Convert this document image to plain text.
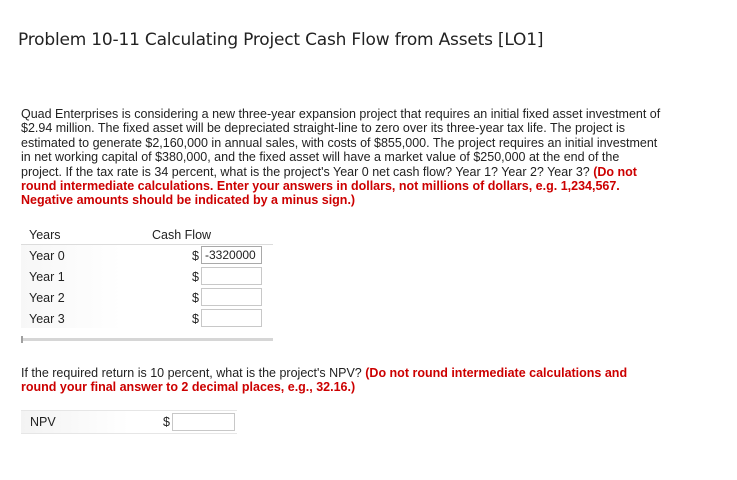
Problem 10-11 Calculating Project Cash Flow from Assets [LO1]
Quad Enterprises is considering a new three-year expansion project that requires an initial fixed asset investment of $2.94 million. The fixed asset will be depreciated straight-line to zero over its three-year tax life. The project is estimated to generate $2,160,000 in annual sales, with costs of $855,000. The project requires an initial investment in net working capital of $380,000, and the fixed asset will have a market value of $250,000 at the end of the project. If the tax rate is 34 percent, what is the project's Year 0 net cash flow? Year 1? Year 2? Year 3? (Do not round intermediate calculations. Enter your answers in dollars, not millions of dollars, e.g. 1,234,567. Negative amounts should be indicated by a minus sign.)
Years	Cash Flow
Year 0	$ -3320000
Year 1	$
Year 2	$
Year 3	$
If the required return is 10 percent, what is the project's NPV? (Do not round intermediate calculations and round your final answer to 2 decimal places, e.g., 32.16.)
NPV	$
